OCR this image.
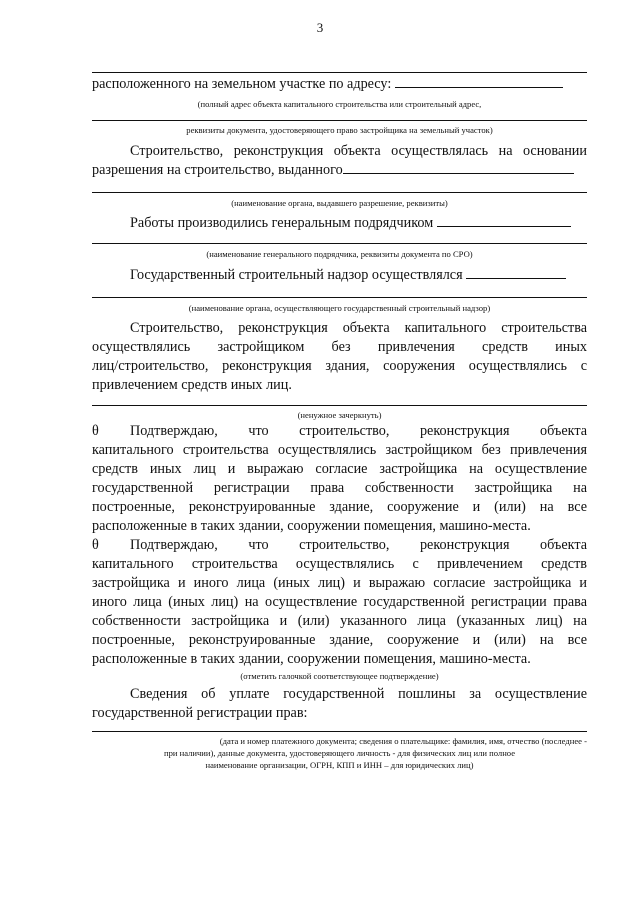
3
расположенного на земельном участке по адресу:
(полный адрес объекта капитального строительства или строительный адрес,
реквизиты документа, удостоверяющего право застройщика на земельный участок)
Строительство, реконструкция объекта осуществлялась на основании
разрешения на строительство, выданного
(наименование органа, выдавшего разрешение, реквизиты)
Работы производились генеральным подрядчиком
(наименование генерального подрядчика, реквизиты документа по СРО)
Государственный строительный надзор осуществлялся
(наименование органа, осуществляющего государственный строительный надзор)
Строительство, реконструкция объекта капитального строительства
осуществлялись застройщиком без привлечения средств иных
лиц/строительство, реконструкция здания, сооружения осуществлялись с
привлечением средств иных лиц.
(ненужное зачеркнуть)
θ Подтверждаю, что строительство, реконструкция объекта
капитального строительства осуществлялись застройщиком без привлечения
средств иных лиц и выражаю согласие застройщика на осуществление
государственной регистрации права собственности застройщика на
построенные, реконструированные здание, сооружение и (или) на все
расположенные в таких здании, сооружении помещения, машино-места.
θ Подтверждаю, что строительство, реконструкция объекта
капитального строительства осуществлялись с привлечением средств
застройщика и иного лица (иных лиц) и выражаю согласие застройщика и
иного лица (иных лиц) на осуществление государственной регистрации права
собственности застройщика и (или) указанного лица (указанных лиц) на
построенные, реконструированные здание, сооружение и (или) на все
расположенные в таких здании, сооружении помещения, машино-места.
(отметить галочкой соответствующее подтверждение)
Сведения об уплате государственной пошлины за осуществление
государственной регистрации прав:
(дата и номер платежного документа; сведения о плательщике: фамилия, имя, отчество (последнее -
при наличии), данные документа, удостоверяющего личность - для физических лиц или полное
наименование организации, ОГРН, КПП и ИНН – для юридических лиц)
